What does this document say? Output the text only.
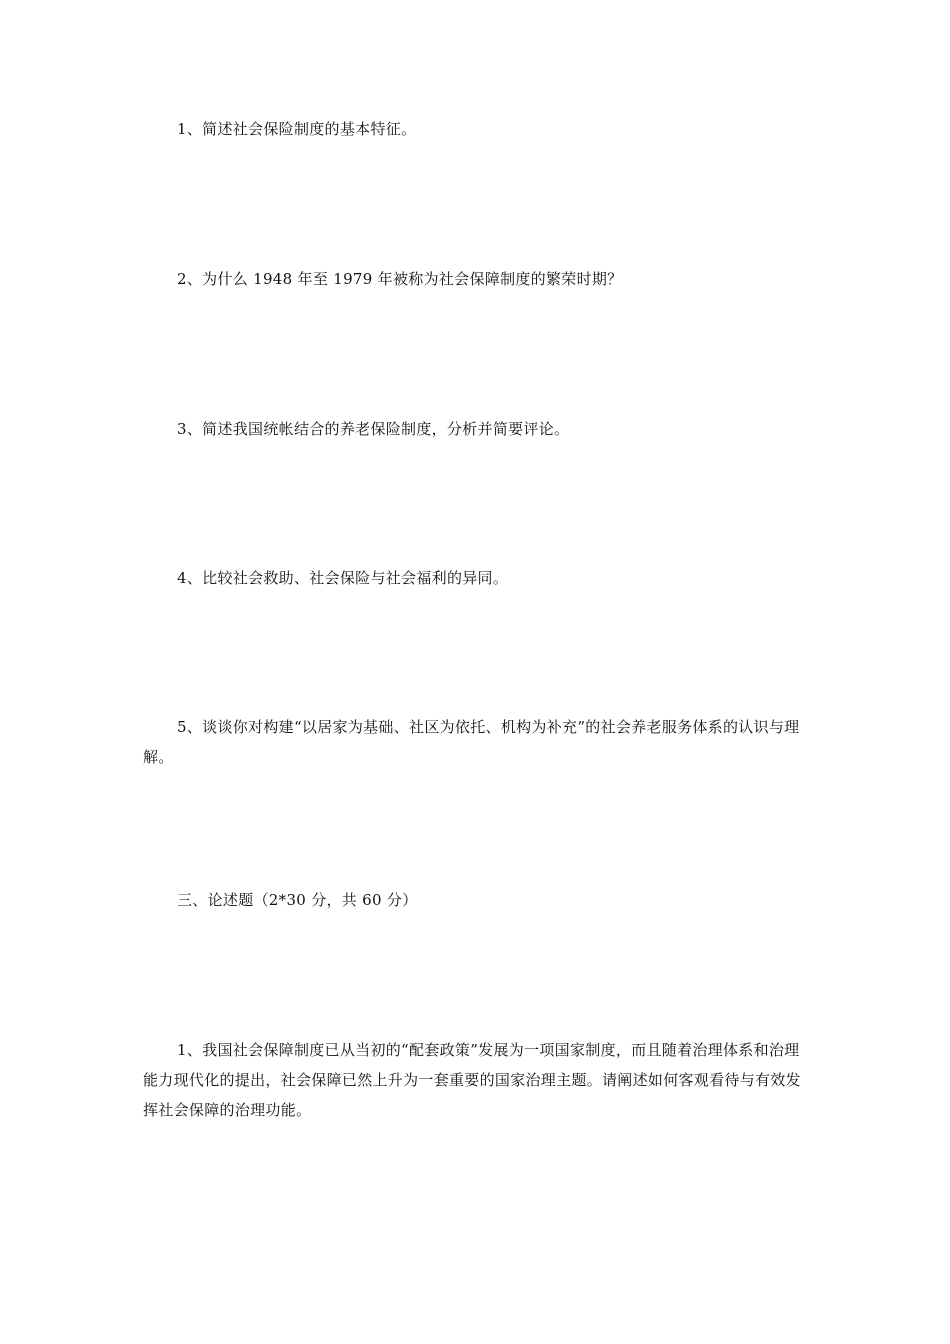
1、简述社会保险制度的基本特征。

2、为什么 1948 年至 1979 年被称为社会保障制度的繁荣时期？

3、简述我国统帐结合的养老保险制度，分析并简要评论。

4、比较社会救助、社会保险与社会福利的异同。

5、谈谈你对构建“以居家为基础、社区为依托、机构为补充”的社会养老服务体系的认识与理解。

三、论述题（2*30 分，共 60 分）

1、我国社会保障制度已从当初的“配套政策”发展为一项国家制度，而且随着治理体系和治理能力现代化的提出，社会保障已然上升为一套重要的国家治理主题。请阐述如何客观看待与有效发挥社会保障的治理功能。
